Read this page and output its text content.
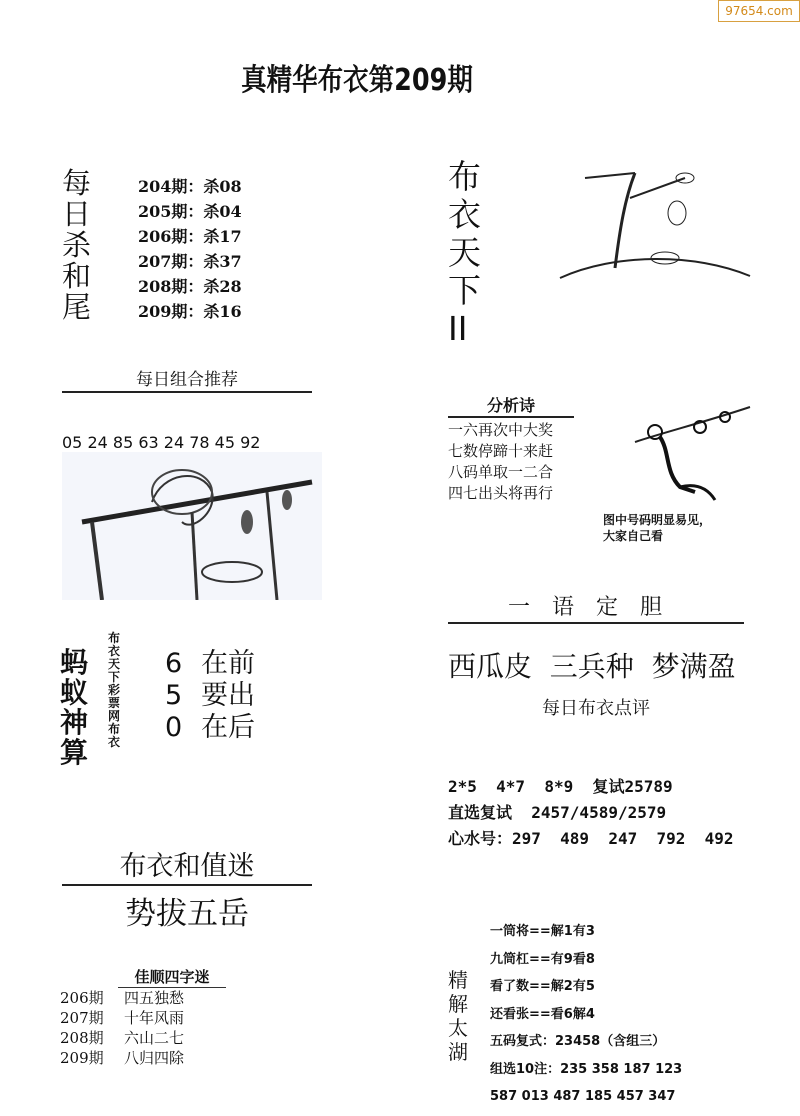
97654.com
真精华布衣第209期
每
日
杀
和
尾
204期：杀08
205期：杀04
206期：杀17
207期：杀37
208期：杀28
209期：杀16
每日组合推荐

05 24 85 63 24 78 45 92

蚂
蚁
神
算
布衣天下彩票网布衣
6 在前
5 要出
0 在后
布衣和值迷
势拔五岳
佳顺四字迷
206期 四五独愁
207期 十年风雨
208期 六山二七
209期 八归四除
布
衣
天
下
II
分析诗
一六再次中大奖
七数停蹄十来赶
八码单取一二合
四七出头将再行
图中号码明显易见，
大家自己看
一语定胆
西瓜皮  三兵种  梦满盈
每日布衣点评
2*5  4*7  8*9  复试25789
直选复试  2457/4589/2579
心水号：297  489  247  792  492
精
解
太
湖
一筒将==解1有3
九筒杠==有9看8
看了数==解2有5
还看张==看6解4
五码复式：23458（含组三）
组选10注：235 358 187 123
587 013 487 185 457 347
